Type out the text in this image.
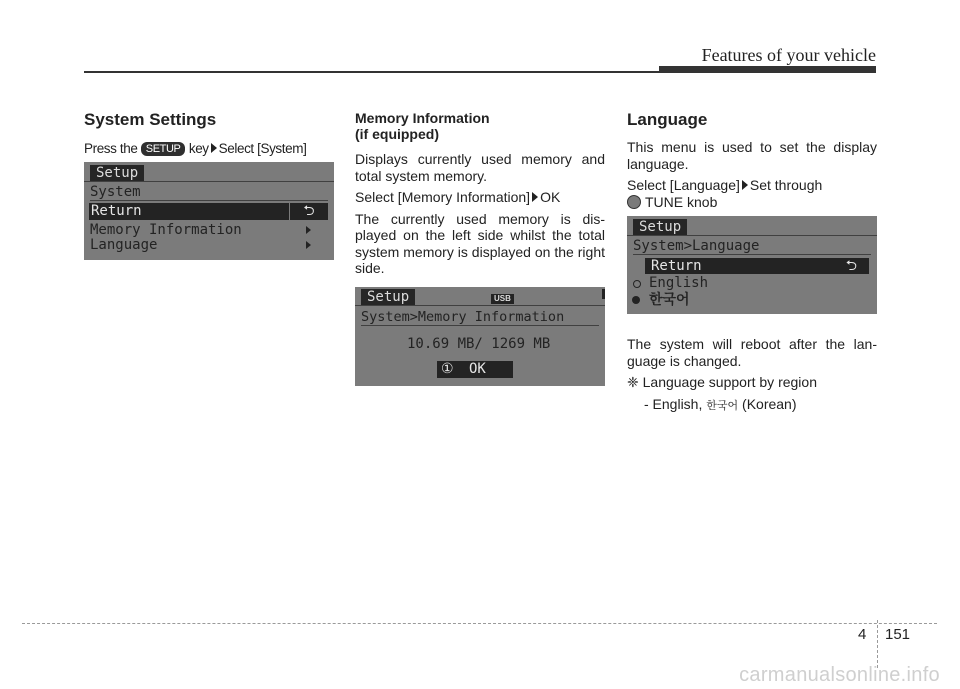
Features of your vehicle
System Settings
Press the SETUP key Select [System]
Setup
System
Return	⮌
Memory Information
Language
Memory Information
(if equipped)

Displays currently used memory and total system memory.

Select [Memory Information] OK

The currently used memory is dis- played on the left side whilst the total system memory is displayed on the right side.

Setup	USB
System>Memory Information
10.69 MB/ 1269 MB
① OK
Language

This menu is used to set the display language.

Select [Language] Set through

TUNE knob

Setup
System>Language
Return	⮌
English
한국어

The system will reboot after the lan- guage is changed.

❈ Language support by region

- English, 한국어 (Korean)

4 151
carmanualsonline.info
